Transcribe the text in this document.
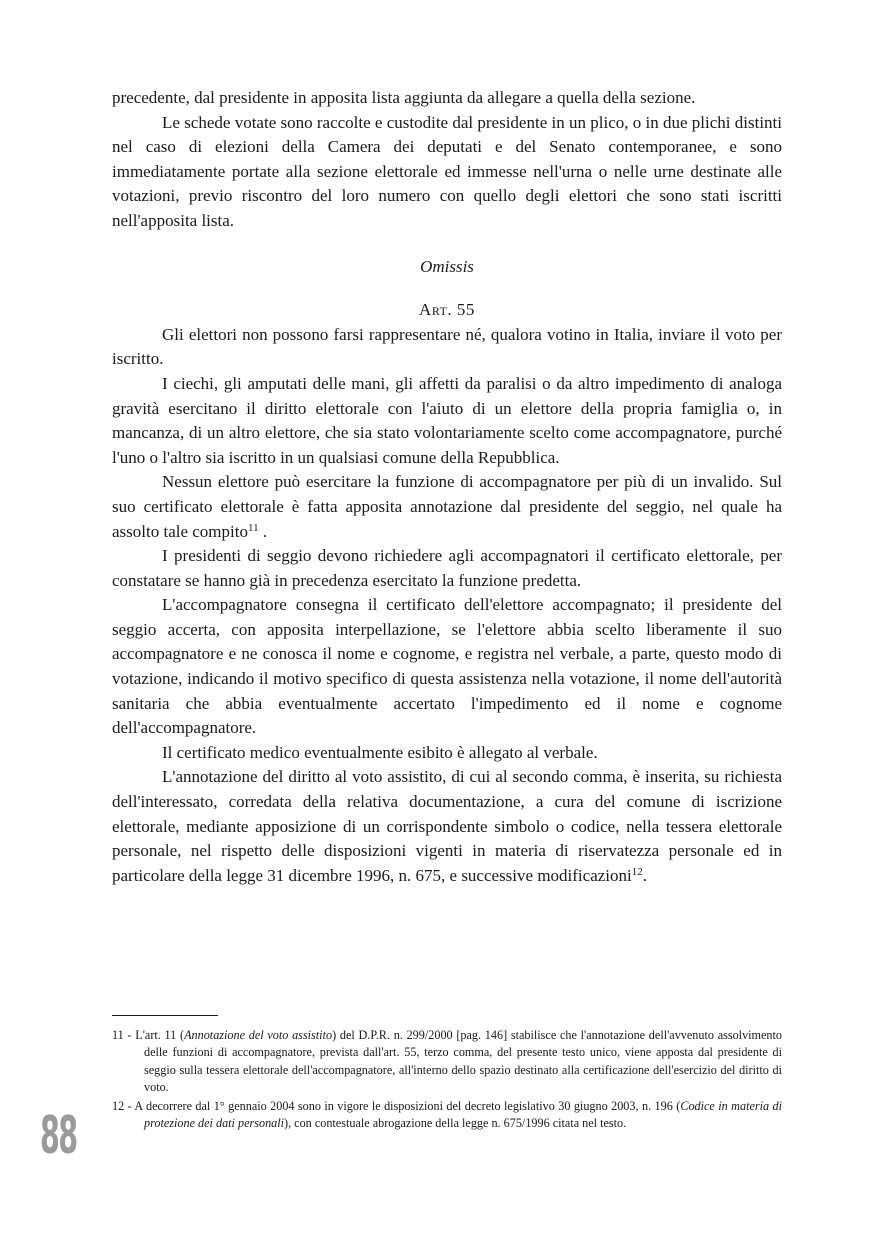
precedente, dal presidente in apposita lista aggiunta da allegare a quella della sezione.

Le schede votate sono raccolte e custodite dal presidente in un plico, o in due plichi distinti nel caso di elezioni della Camera dei deputati e del Senato contemporanee, e sono immediatamente portate alla sezione elettorale ed immesse nell'urna o nelle urne destinate alle votazioni, previo riscontro del loro numero con quello degli elettori che sono stati iscritti nell'apposita lista.

Omissis

Art. 55

Gli elettori non possono farsi rappresentare né, qualora votino in Italia, inviare il voto per iscritto.

I ciechi, gli amputati delle mani, gli affetti da paralisi o da altro impedimento di analoga gravità esercitano il diritto elettorale con l'aiuto di un elettore della propria famiglia o, in mancanza, di un altro elettore, che sia stato volontariamente scelto come accompagnatore, purché l'uno o l'altro sia iscritto in un qualsiasi comune della Repubblica.

Nessun elettore può esercitare la funzione di accompagnatore per più di un invalido. Sul suo certificato elettorale è fatta apposita annotazione dal presidente del seggio, nel quale ha assolto tale compito$^{11}$ .

I presidenti di seggio devono richiedere agli accompagnatori il certificato elettorale, per constatare se hanno già in precedenza esercitato la funzione predetta.

L'accompagnatore consegna il certificato dell'elettore accompagnato; il presidente del seggio accerta, con apposita interpellazione, se l'elettore abbia scelto liberamente il suo accompagnatore e ne conosca il nome e cognome, e registra nel verbale, a parte, questo modo di votazione, indicando il motivo specifico di questa assistenza nella votazione, il nome dell'autorità sanitaria che abbia eventualmente accertato l'impedimento ed il nome e cognome dell'accompagnatore.

Il certificato medico eventualmente esibito è allegato al verbale.

L'annotazione del diritto al voto assistito, di cui al secondo comma, è inserita, su richiesta dell'interessato, corredata della relativa documentazione, a cura del comune di iscrizione elettorale, mediante apposizione di un corrispondente simbolo o codice, nella tessera elettorale personale, nel rispetto delle disposizioni vigenti in materia di riservatezza personale ed in particolare della legge 31 dicembre 1996, n. 675, e successive modificazioni$^{12}$.

11 - L'art. 11 (Annotazione del voto assistito) del D.P.R. n. 299/2000 [pag. 146] stabilisce che l'annotazione dell'avvenuto assolvimento delle funzioni di accompagnatore, prevista dall'art. 55, terzo comma, del presente testo unico, viene apposta dal presidente di seggio sulla tessera elettorale dell'accompagnatore, all'interno dello spazio destinato alla certificazione dell'esercizio del diritto di voto.

12 - A decorrere dal 1° gennaio 2004 sono in vigore le disposizioni del decreto legislativo 30 giugno 2003, n. 196 (Codice in materia di protezione dei dati personali), con contestuale abrogazione della legge n. 675/1996 citata nel testo.

88
